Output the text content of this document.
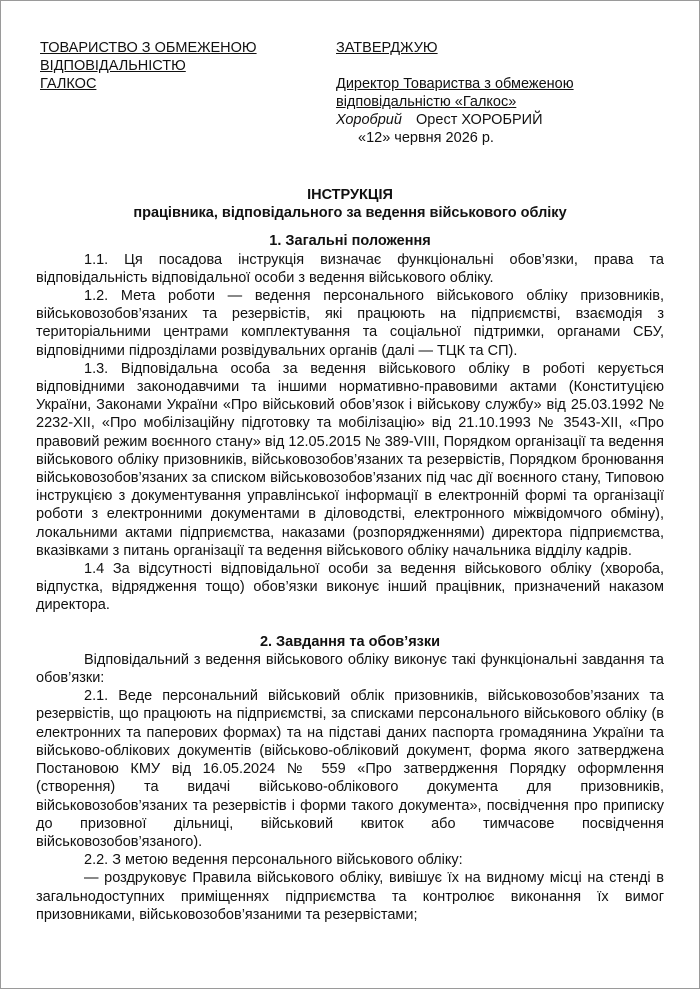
ТОВАРИСТВО З ОБМЕЖЕНОЮ
ВІДПОВІДАЛЬНІСТЮ
ГАЛКОС
ЗАТВЕРДЖУЮ
Директор Товариства з обмеженою
відповідальністю «Галкос»
Хоробрий Орест ХОРОБРИЙ
«12» червня 2026 р.

ІНСТРУКЦІЯ

працівника, відповідального за ведення військового обліку

1. Загальні положення

1.1. Ця посадова інструкція визначає функціональні обов’язки, права та відповідальність відповідальної особи з ведення військового обліку.

1.2. Мета роботи — ведення персонального військового обліку призовників, військовозобов’язаних та резервістів, які працюють на підприємстві, взаємодія з територіальними центрами комплектування та соціальної підтримки, органами СБУ, відповідними підрозділами розвідувальних органів (далі — ТЦК та СП).

1.3. Відповідальна особа за ведення військового обліку в роботі керується відповідними законодавчими та іншими нормативно-правовими актами (Конституцією України, Законами України «Про військовий обов’язок і військову службу» від 25.03.1992 № 2232-XII, «Про мобілізаційну підготовку та мобілізацію» від 21.10.1993 № 3543-XII, «Про правовий режим воєнного стану» від 12.05.2015 № 389-VIII, Порядком організації та ведення військового обліку призовників, військовозобов’язаних та резервістів, Порядком бронювання військовозобов’язаних за списком військовозобов’язаних під час дії воєнного стану, Типовою інструкцією з документування управлінської інформації в електронній формі та організації роботи з електронними документами в діловодстві, електронного міжвідомчого обміну), локальними актами підприємства, наказами (розпорядженнями) директора підприємства, вказівками з питань організації та ведення військового обліку начальника відділу кадрів.

1.4 За відсутності відповідальної особи за ведення військового обліку (хвороба, відпустка, відрядження тощо) обов’язки виконує інший працівник, призначений наказом директора.

2. Завдання та обов’язки

Відповідальний з ведення військового обліку виконує такі функціональні завдання та обов’язки:

2.1. Веде персональний військовий облік призовників, військовозобов’язаних та резервістів, що працюють на підприємстві, за списками персонального військового обліку (в електронних та паперових формах) та на підставі даних паспорта громадянина України та військово-облікових документів (військово-обліковий документ, форма якого затверджена Постановою КМУ від 16.05.2024 № 559 «Про затвердження Порядку оформлення (створення) та видачі військово-облікового документа для призовників, військовозобов’язаних та резервістів і форми такого документа», посвідчення про приписку до призовної дільниці, військовий квиток або тимчасове посвідчення військовозобов’язаного).

2.2. З метою ведення персонального військового обліку:

— роздруковує Правила військового обліку, вивішує їх на видному місці на стенді в загальнодоступних приміщеннях підприємства та контролює виконання їх вимог призовниками, військовозобов’язаними та резервістами;
